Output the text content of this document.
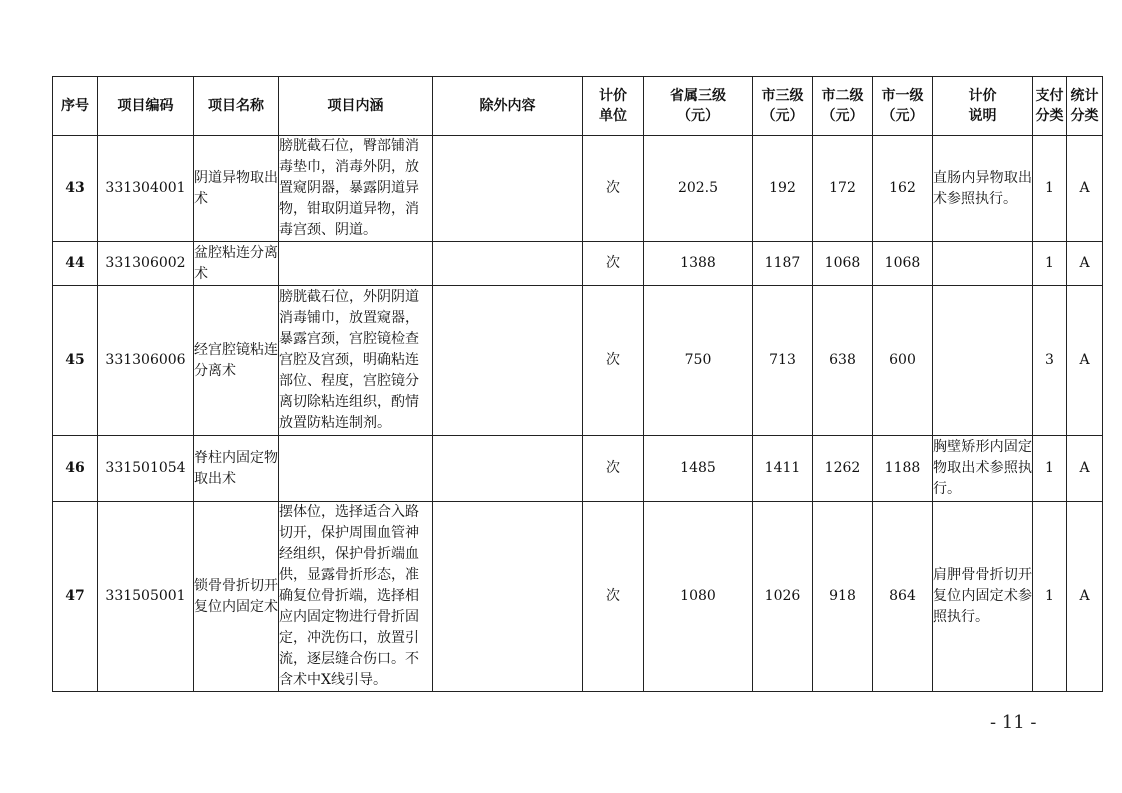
序号	项目编码	项目名称	项目内涵	除外内容	计价单位	省属三级（元）	市三级（元）	市二级（元）	市一级（元）	计价说明	支付分类	统计分类
43	331304001	阴道异物取出术	膀胱截石位，臀部铺消毒垫巾，消毒外阴，放置窥阴器，暴露阴道异物，钳取阴道异物，消毒宫颈、阴道。		次	202.5	192	172	162	直肠内异物取出术参照执行。	1	A
44	331306002	盆腔粘连分离术			次	1388	1187	1068	1068		1	A
45	331306006	经宫腔镜粘连分离术	膀胱截石位，外阴阴道消毒铺巾，放置窥器，暴露宫颈，宫腔镜检查宫腔及宫颈，明确粘连部位、程度，宫腔镜分离切除粘连组织，酌情放置防粘连制剂。		次	750	713	638	600		3	A
46	331501054	脊柱内固定物取出术			次	1485	1411	1262	1188	胸壁矫形内固定物取出术参照执行。	1	A
47	331505001	锁骨骨折切开复位内固定术	摆体位，选择适合入路切开，保护周围血管神经组织，保护骨折端血供，显露骨折形态，准确复位骨折端，选择相应内固定物进行骨折固定，冲洗伤口，放置引流，逐层缝合伤口。不含术中X线引导。		次	1080	1026	918	864	肩胛骨骨折切开复位内固定术参照执行。	1	A
- 11 -
